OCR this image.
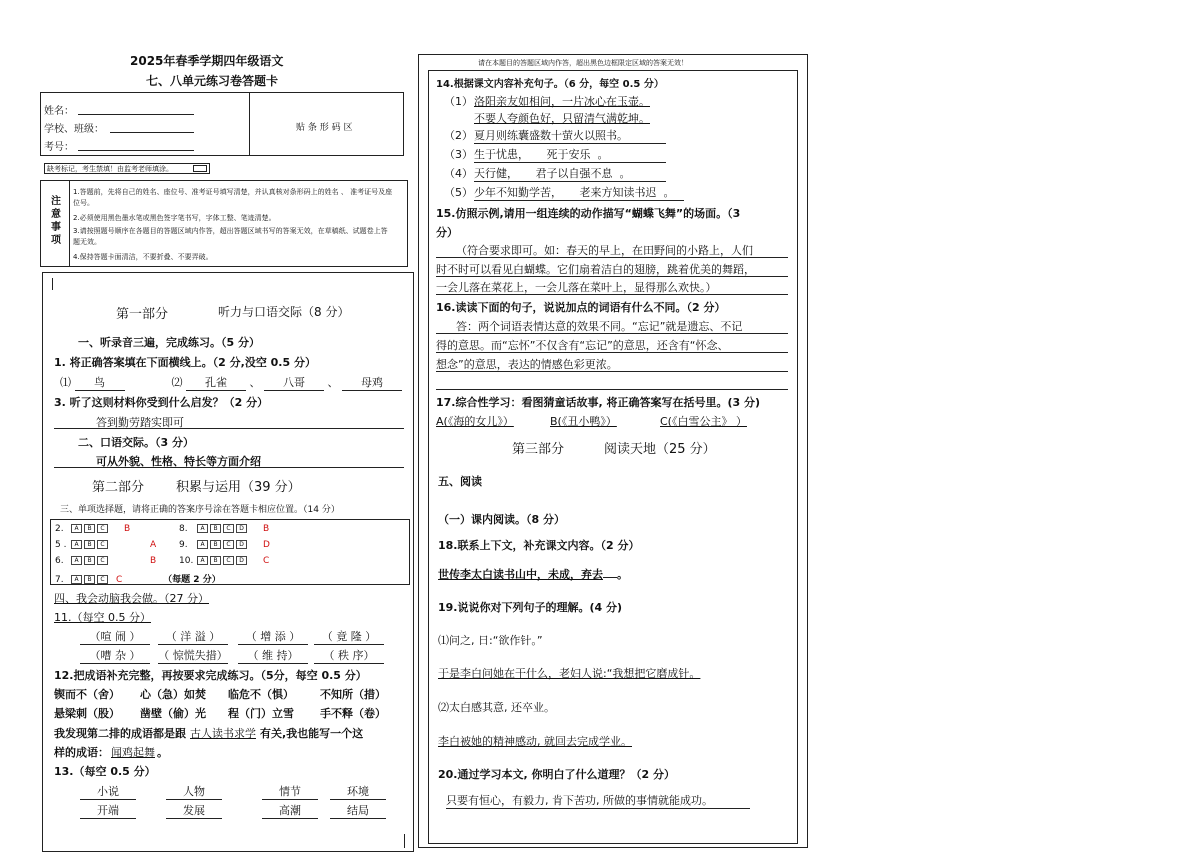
2025年春季学期四年级语文
七、八单元练习卷答题卡
姓名：
学校、班级：
考号：
贴 条 形 码 区
缺考标记，考生禁填！由监考老师填涂。
注意事项
1.答题前，先将自己的姓名、座位号、准考证号填写清楚，并认真核对条形码上的姓名 、 准考证号及座位号。
2.必须使用黑色墨水笔或黑色签字笔书写，字体工整、笔迹清楚。
3.请按照题号顺序在各题目的答题区域内作答，超出答题区域书写的答案无效，在草稿纸、试题卷上答题无效。
4.保持答题卡面清洁，不要折叠、不要弄破。
第一部分	听力与口语交际（8 分）
一、听录音三遍，完成练习。（5 分）
1. 将正确答案填在下面横线上。（2 分,没空 0.5 分）
⑴ 鸟	⑵ 孔雀 、 八哥 、 母鸡
3. 听了这则材料你受到什么启发？（2 分）
答到勤劳踏实即可
二、口语交际。（3 分）
可从外貌、性格、特长等方面介绍
第二部分 积累与运用（39 分）
三、单项选择题，请将正确的答案序号涂在答题卡相应位置。（14 分）
2. A B C B
5 . A B C	A
6. A B C	B
7. A B C C	（每题 2 分）
8. A B C D B
9. A B C D D
10. A B C D C
四、我会动脑我会做。（27 分）
11.（每空 0.5 分）
（喧 闹 ） （ 洋 溢 ） （ 增 添 ） （ 竟 隆 ）
（嘈 杂 ） （ 惊慌失措） （ 维 持） （ 秩 序）
12.把成语补充完整，再按要求完成练习。（5分，每空 0.5 分）
锲而不（舍） 心（急）如焚 临危不（惧） 不知所（措）
悬梁刺（股） 凿壁（偷）光 程（门）立雪 手不释（卷）
我发现第二排的成语都是跟 古人读书求学 有关,我也能写一个这
样的成语： 闻鸡起舞 。
13.（每空 0.5 分）
小说	人物	情节	环境
开端	发展	高潮	结局
请在本题目的答题区域内作答，超出黑色边框限定区域的答案无效！
14.根据课文内容补充句子。（6 分，每空 0.5 分）
（1）洛阳亲友如相问，一片冰心在玉壶。
不要人夸颜色好，只留清气满乾坤。
（2）夏月则练囊盛数十萤火以照书。
（3）生于忧患，     死于安乐  。
（4）天行健，     君子以自强不息  。
（5）少年不知勤学苦，     老来方知读书迟  。
15.仿照示例,请用一组连续的动作描写“蝴蝶飞舞”的场面。（3
分）
（符合要求即可。如：春天的早上，在田野间的小路上，人们
时不时可以看见白蝴蝶。它们扇着洁白的翅膀，跳着优美的舞蹈，
一会儿落在菜花上，一会儿落在菜叶上，显得那么欢快。）
16.读读下面的句子，说说加点的词语有什么不同。（2 分）
答：两个词语表情达意的效果不同。“忘记”就是遗忘、不记
得的意思。而“忘怀”不仅含有“忘记”的意思，还含有“怀念、
想念”的意思，表达的情感色彩更浓。
17.综合性学习：看图猜童话故事, 将正确答案写在括号里。(3 分)
A(《海的女儿》）	B(《丑小鸭》）	C(《白雪公主》 ）
第三部分	阅读天地（25 分）
五、阅读
（一）课内阅读。（8 分）
18.联系上下文，补充课文内容。（2 分）
世传李太白读书山中，未成，弃去 。
19.说说你对下列句子的理解。(4 分)
⑴问之, 日:“欲作针。”
于是李白问她在干什么，老妇人说:“我想把它磨成针。
⑵太白感其意, 还卒业。
李白被她的精神感动, 就回去完成学业。
20.通过学习本文, 你明白了什么道理？（2 分）
只要有恒心，有毅力, 肯下苦功, 所做的事情就能成功。
